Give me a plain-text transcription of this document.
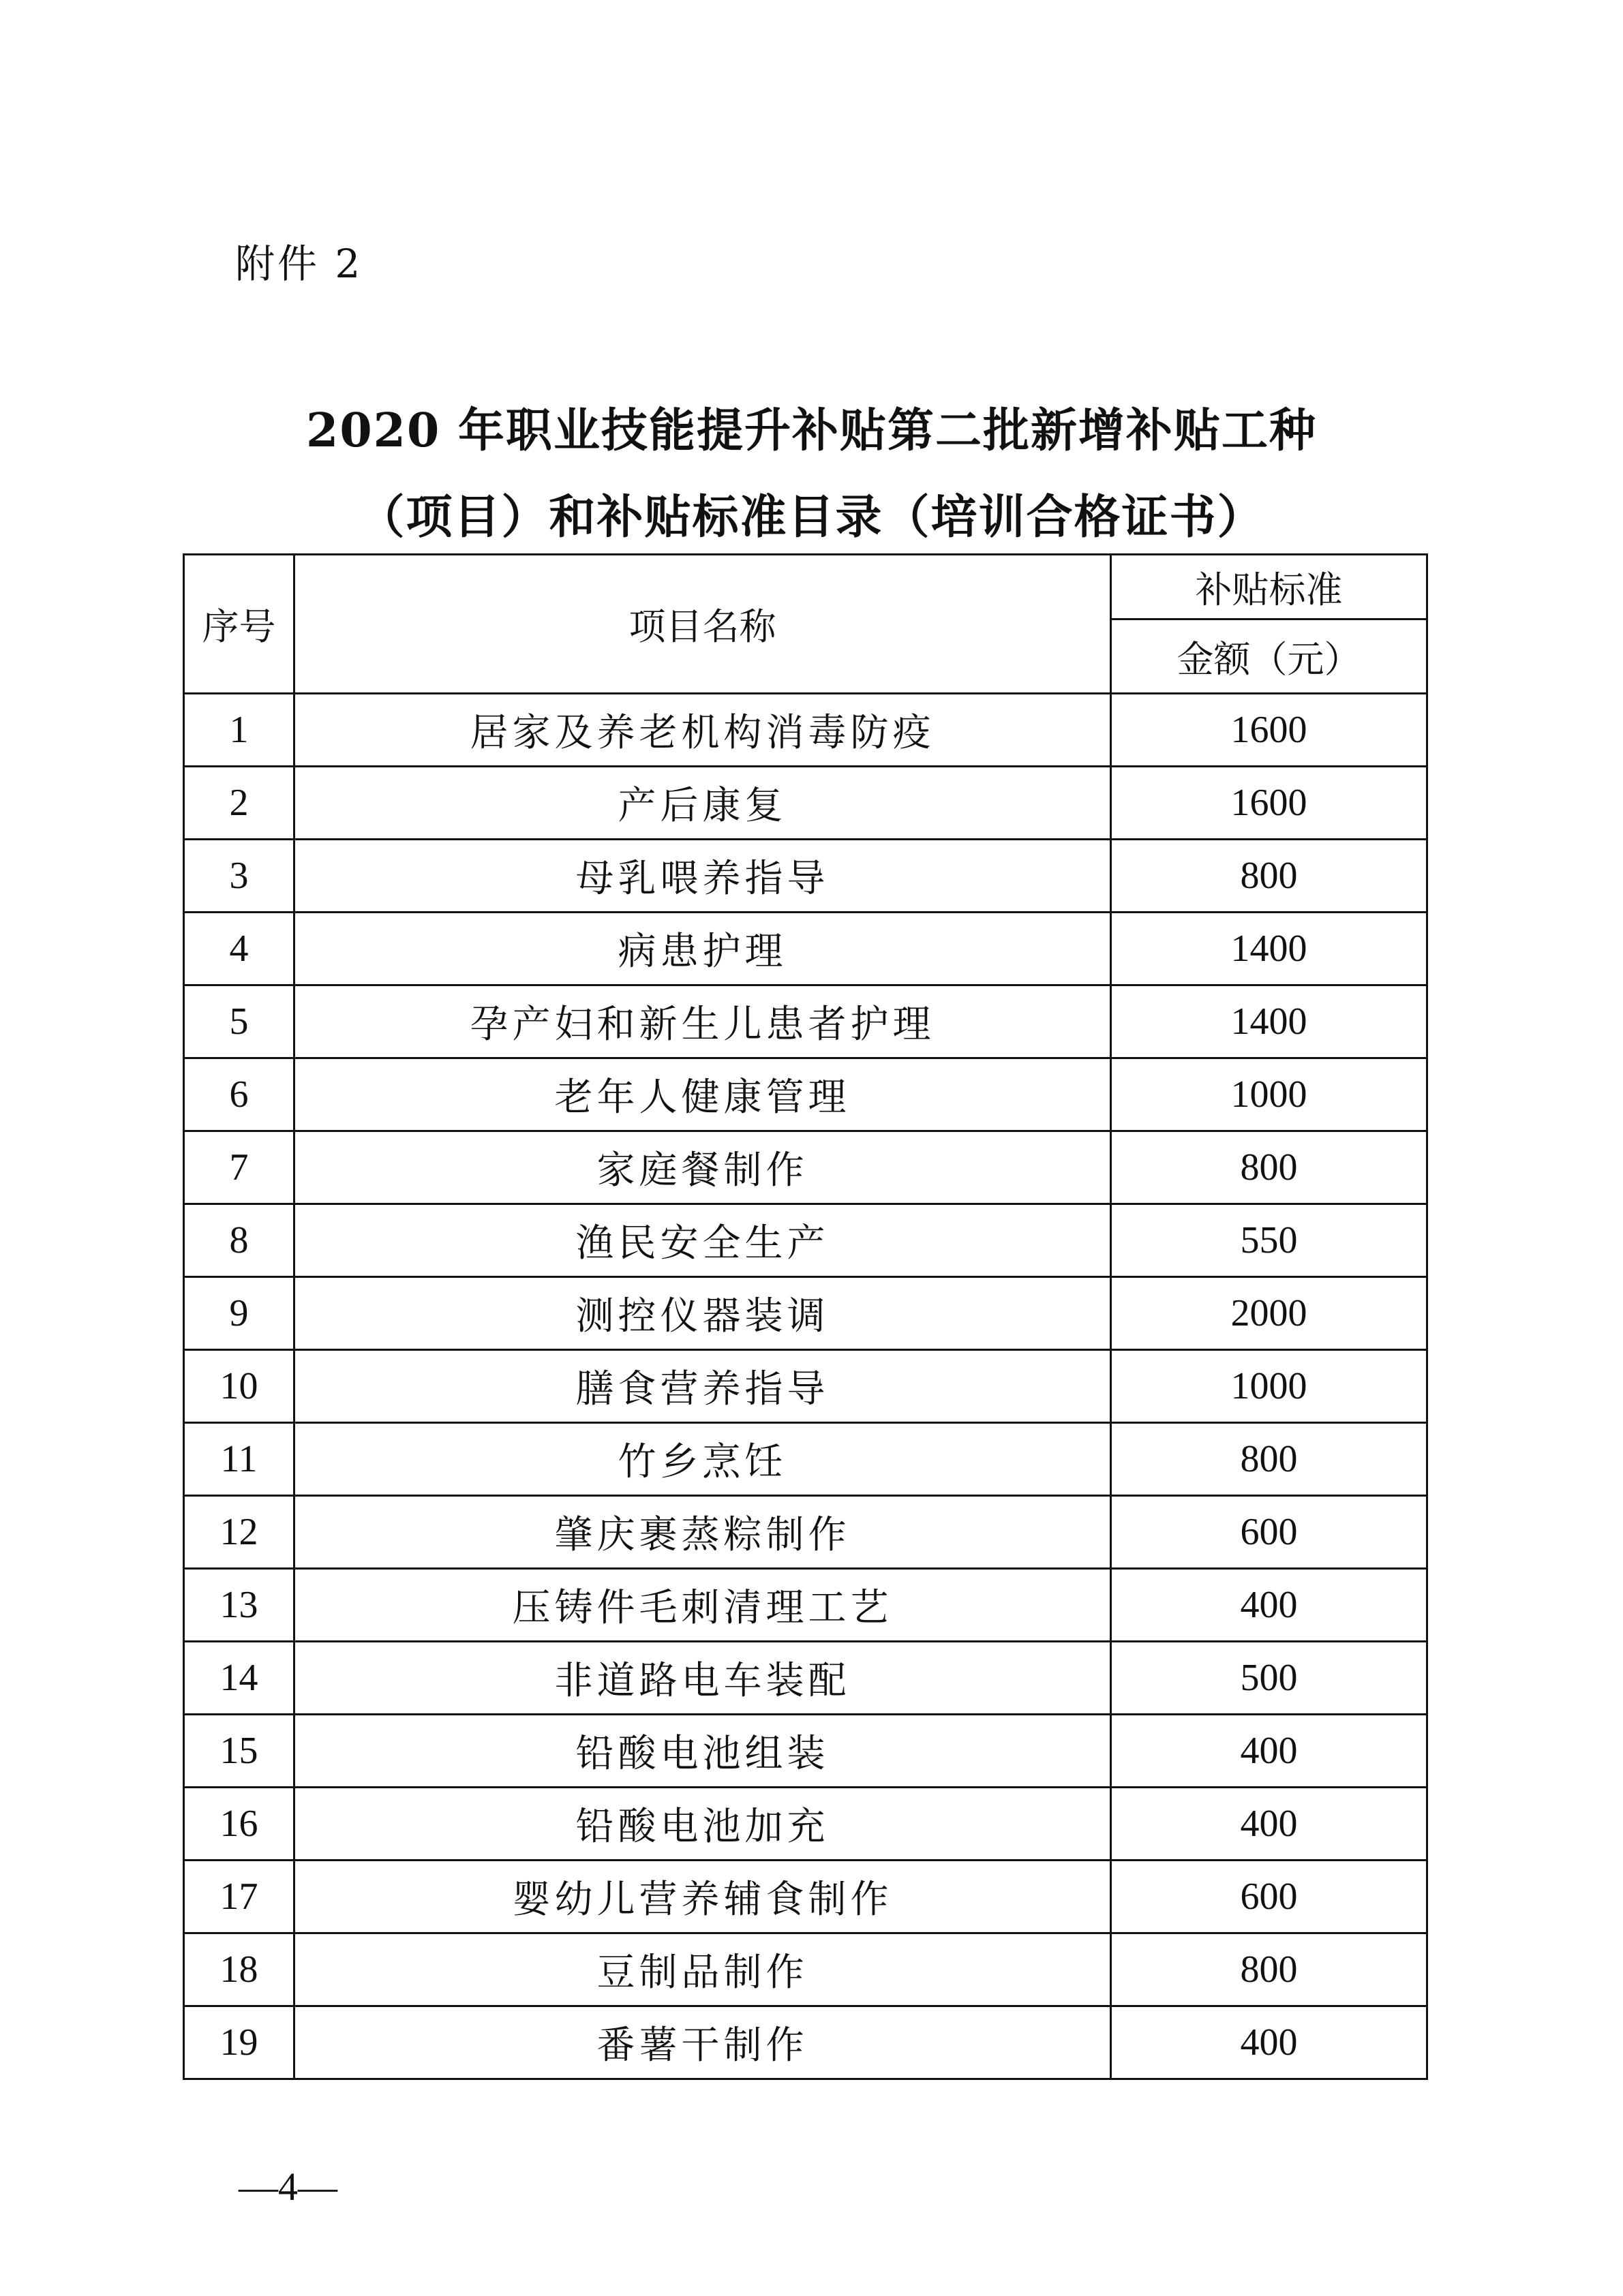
附件 2
2020 年职业技能提升补贴第二批新增补贴工种
（项目）和补贴标准目录（培训合格证书）
序号	项目名称	补贴标准
		金额（元）
1	居家及养老机构消毒防疫	1600
2	产后康复	1600
3	母乳喂养指导	800
4	病患护理	1400
5	孕产妇和新生儿患者护理	1400
6	老年人健康管理	1000
7	家庭餐制作	800
8	渔民安全生产	550
9	测控仪器装调	2000
10	膳食营养指导	1000
11	竹乡烹饪	800
12	肇庆裹蒸粽制作	600
13	压铸件毛刺清理工艺	400
14	非道路电车装配	500
15	铅酸电池组装	400
16	铅酸电池加充	400
17	婴幼儿营养辅食制作	600
18	豆制品制作	800
19	番薯干制作	400
—4—
